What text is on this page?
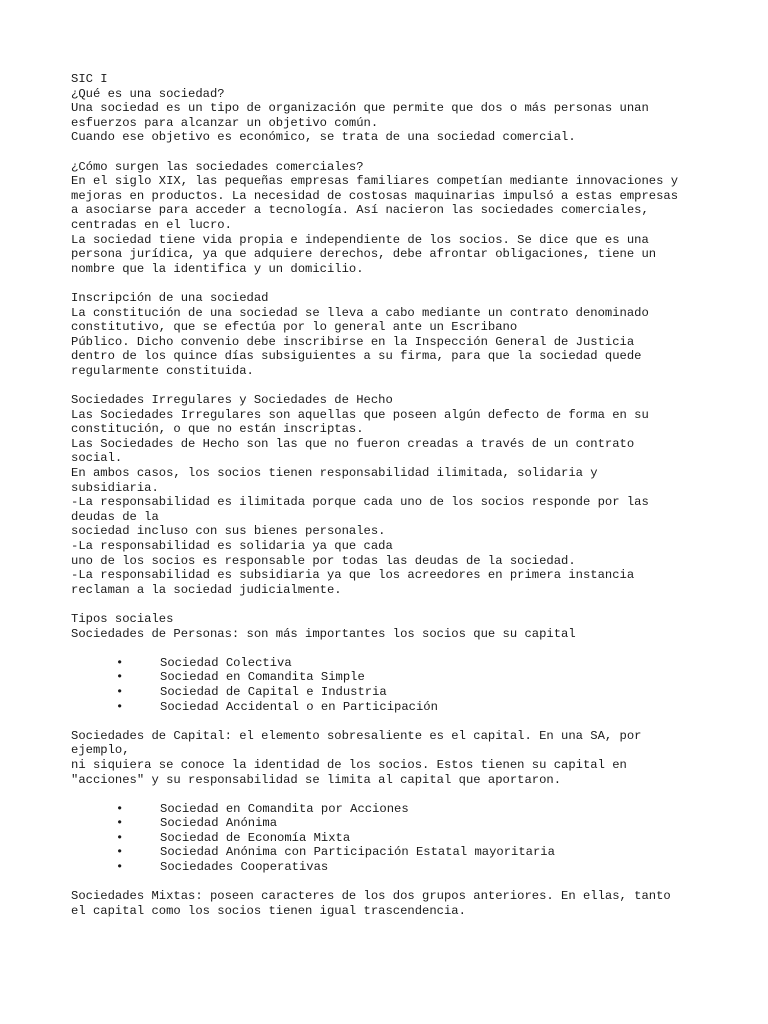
SIC I
¿Qué es una sociedad?
Una sociedad es un tipo de organización que permite que dos o más personas unan
esfuerzos para alcanzar un objetivo común.
Cuando ese objetivo es económico, se trata de una sociedad comercial.
¿Cómo surgen las sociedades comerciales?
En el siglo XIX, las pequeñas empresas familiares competían mediante innovaciones y
mejoras en productos. La necesidad de costosas maquinarias impulsó a estas empresas
a asociarse para acceder a tecnología. Así nacieron las sociedades comerciales,
centradas en el lucro.
La sociedad tiene vida propia e independiente de los socios. Se dice que es una
persona jurídica, ya que adquiere derechos, debe afrontar obligaciones, tiene un
nombre que la identifica y un domicilio.
Inscripción de una sociedad
La constitución de una sociedad se lleva a cabo mediante un contrato denominado
constitutivo, que se efectúa por lo general ante un Escribano
Público. Dicho convenio debe inscribirse en la Inspección General de Justicia
dentro de los quince días subsiguientes a su firma, para que la sociedad quede
regularmente constituida.
Sociedades Irregulares y Sociedades de Hecho
Las Sociedades Irregulares son aquellas que poseen algún defecto de forma en su
constitución, o que no están inscriptas.
Las Sociedades de Hecho son las que no fueron creadas a través de un contrato
social.
En ambos casos, los socios tienen responsabilidad ilimitada, solidaria y
subsidiaria.
-La responsabilidad es ilimitada porque cada uno de los socios responde por las
deudas de la
sociedad incluso con sus bienes personales.
-La responsabilidad es solidaria ya que cada
uno de los socios es responsable por todas las deudas de la sociedad.
-La responsabilidad es subsidiaria ya que los acreedores en primera instancia
reclaman a la sociedad judicialmente.
Tipos sociales
Sociedades de Personas: son más importantes los socios que su capital
•	Sociedad Colectiva
•	Sociedad en Comandita Simple
•	Sociedad de Capital e Industria
•	Sociedad Accidental o en Participación
Sociedades de Capital: el elemento sobresaliente es el capital. En una SA, por
ejemplo,
ni siquiera se conoce la identidad de los socios. Estos tienen su capital en
"acciones" y su responsabilidad se limita al capital que aportaron.
•	Sociedad en Comandita por Acciones
•	Sociedad Anónima
•	Sociedad de Economía Mixta
•	Sociedad Anónima con Participación Estatal mayoritaria
•	Sociedades Cooperativas
Sociedades Mixtas: poseen caracteres de los dos grupos anteriores. En ellas, tanto
el capital como los socios tienen igual trascendencia.
